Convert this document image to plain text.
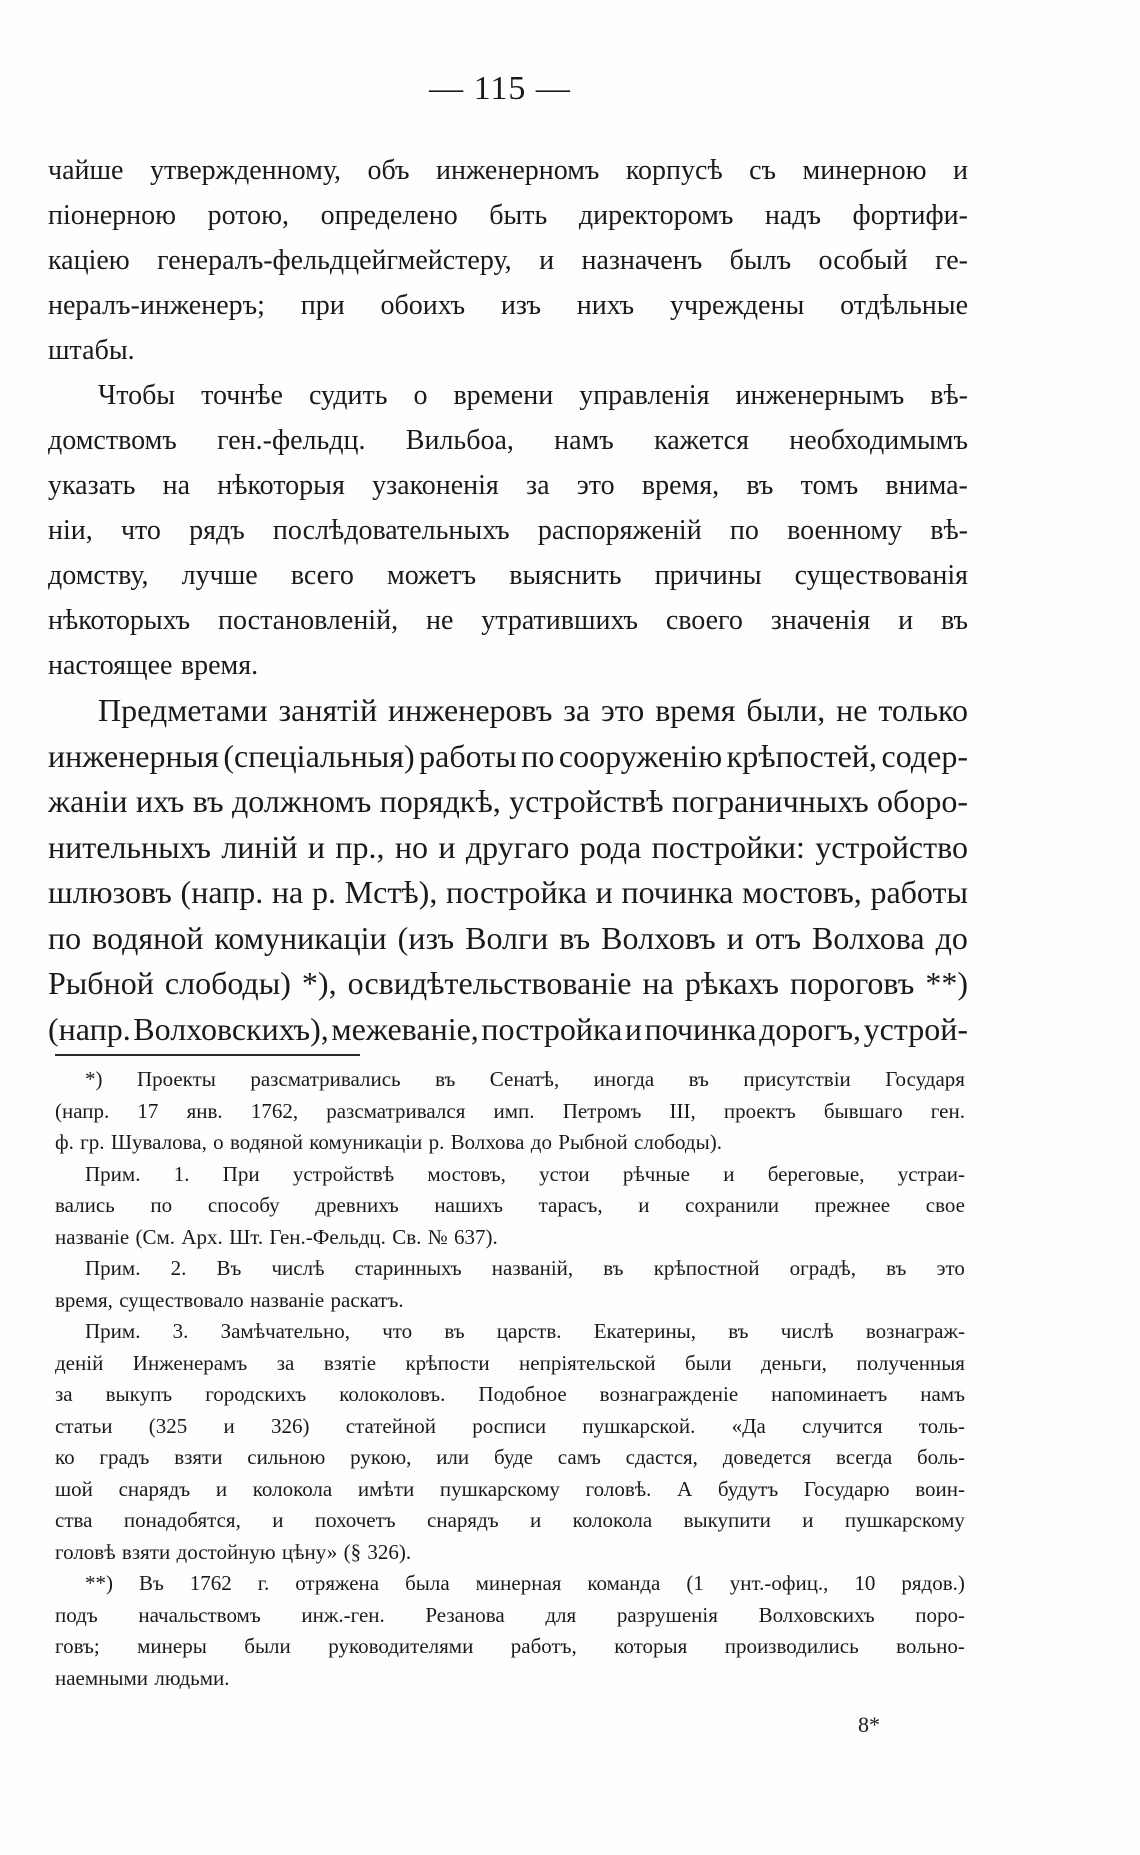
— 115 —
чайше утвержденному, объ инженерномъ корпусѣ съ минерною и
піонерною ротою, определено быть директоромъ надъ фортифи-
каціею генералъ-фельдцейгмейстеру, и назначенъ былъ особый ге-
нералъ-инженеръ; при обоихъ изъ нихъ учреждены отдѣльные
штабы.
Чтобы точнѣе судить о времени управленія инженернымъ вѣ-
домствомъ ген.-фельдц. Вильбоа, намъ кажется необходимымъ
указать на нѣкоторыя узаконенія за это время, въ томъ внима-
ніи, что рядъ послѣдовательныхъ распоряженій по военному вѣ-
домству, лучше всего можетъ выяснить причины существованія
нѣкоторыхъ постановленій, не утратившихъ своего значенія и въ
настоящее время.
Предметами занятій инженеровъ за это время были, не только
инженерныя (спеціальныя) работы по сооруженію крѣпостей, содер-
жаніи ихъ въ должномъ порядкѣ, устройствѣ пограничныхъ оборо-
нительныхъ линій и пр., но и другаго рода постройки: устройство
шлюзовъ (напр. на р. Мстѣ), постройка и починка мостовъ, работы
по водяной комуникаціи (изъ Волги въ Волховъ и отъ Волхова до
Рыбной слободы) *), освидѣтельствованіе на рѣкахъ пороговъ **)
(напр. Волховскихъ), межеваніе, постройка и починка дорогъ, устрой-
*) Проекты разсматривались въ Сенатѣ, иногда въ присутствіи Государя
(напр. 17 янв. 1762, разсматривался имп. Петромъ III, проектъ бывшаго ген.
ф. гр. Шувалова, о водяной комуникаціи р. Волхова до Рыбной слободы).
Прим. 1. При устройствѣ мостовъ, устои рѣчные и береговые, устраи-
вались по способу древнихъ нашихъ тарасъ, и сохранили прежнее свое
названіе (См. Арх. Шт. Ген.-Фельдц. Св. № 637).
Прим. 2. Въ числѣ старинныхъ названій, въ крѣпостной оградѣ, въ это
время, существовало названіе раскатъ.
Прим. 3. Замѣчательно, что въ царств. Екатерины, въ числѣ вознаграж-
деній Инженерамъ за взятіе крѣпости непріятельской были деньги, полученныя
за выкупъ городскихъ колоколовъ. Подобное вознагражденіе напоминаетъ намъ
статьи (325 и 326) статейной росписи пушкарской. «Да случится толь-
ко градъ взяти сильною рукою, или буде самъ сдастся, доведется всегда боль-
шой снарядъ и колокола имѣти пушкарскому головѣ. А будутъ Государю воин-
ства понадобятся, и похочетъ снарядъ и колокола выкупити и пушкарскому
головѣ взяти достойную цѣну» (§ 326).
**) Въ 1762 г. отряжена была минерная команда (1 унт.-офиц., 10 рядов.)
подъ начальствомъ инж.-ген. Резанова для разрушенія Волховскихъ поро-
говъ; минеры были руководителями работъ, которыя производились вольно-
наемными людьми.
8*
